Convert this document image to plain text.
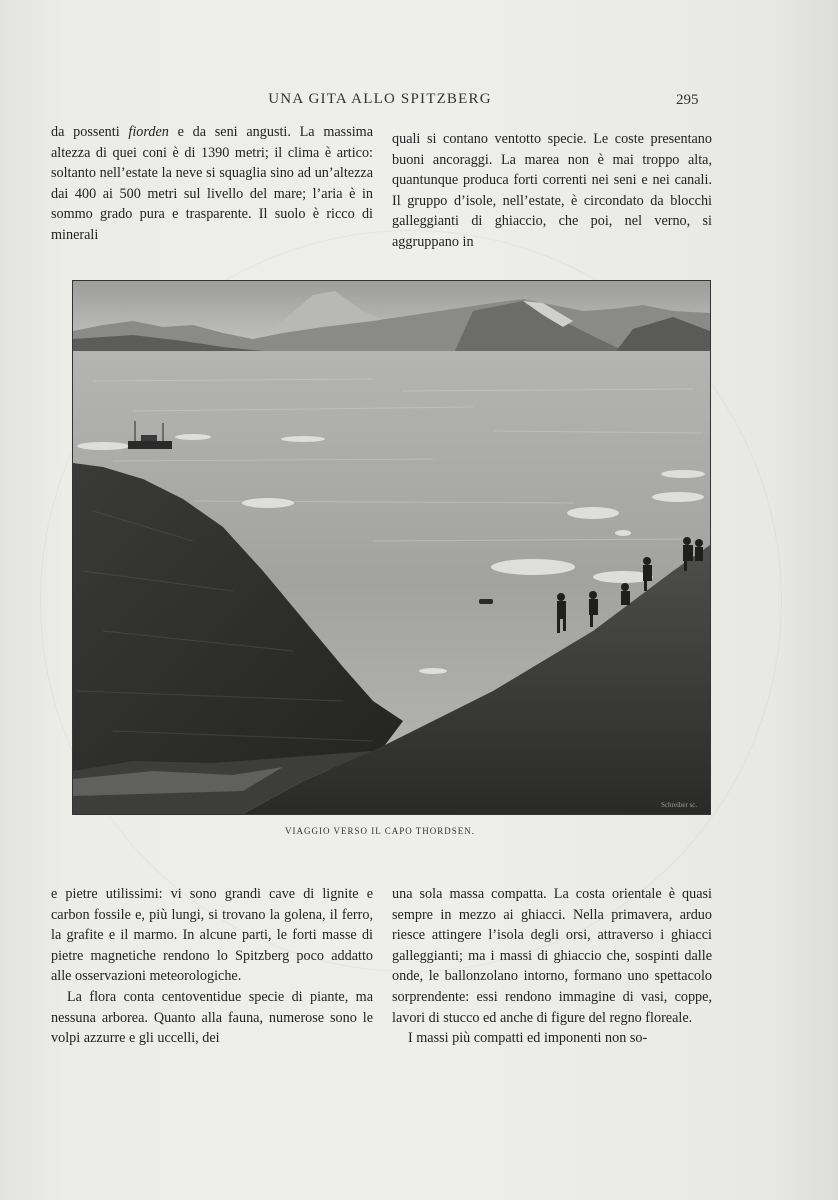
UNA GITA ALLO SPITZBERG	295

da possenti fiorden e da seni angusti. La massima altezza di quei coni è di 1390 metri; il clima è artico: soltanto nell’estate la neve si squaglia sino ad un’altezza dai 400 ai 500 metri sul livello del mare; l’aria è in sommo grado pura e trasparente. Il suolo è ricco di minerali

quali si contano ventotto specie. Le coste presentano buoni ancoraggi. La marea non è mai troppo alta, quantunque produca forti correnti nei seni e nei canali. Il gruppo d’isole, nell’estate, è circondato da blocchi galleggianti di ghiaccio, che poi, nel verno, si aggruppano in

Schreiber sc.
VIAGGIO VERSO IL CAPO THORDSEN.

e pietre utilissimi: vi sono grandi cave di lignite e carbon fossile e, più lungi, si trovano la golena, il ferro, la grafite e il marmo. In alcune parti, le forti masse di pietre magnetiche rendono lo Spitzberg poco addatto alle osservazioni meteorologiche.

La flora conta centoventidue specie di piante, ma nessuna arborea. Quanto alla fauna, numerose sono le volpi azzurre e gli uccelli, dei

una sola massa compatta. La costa orientale è quasi sempre in mezzo ai ghiacci. Nella primavera, arduo riesce attingere l’isola degli orsi, attraverso i ghiacci galleggianti; ma i massi di ghiaccio che, sospinti dalle onde, le ballonzolano intorno, formano uno spettacolo sorprendente: essi rendono immagine di vasi, coppe, lavori di stucco ed anche di figure del regno floreale.

I massi più compatti ed imponenti non so-
